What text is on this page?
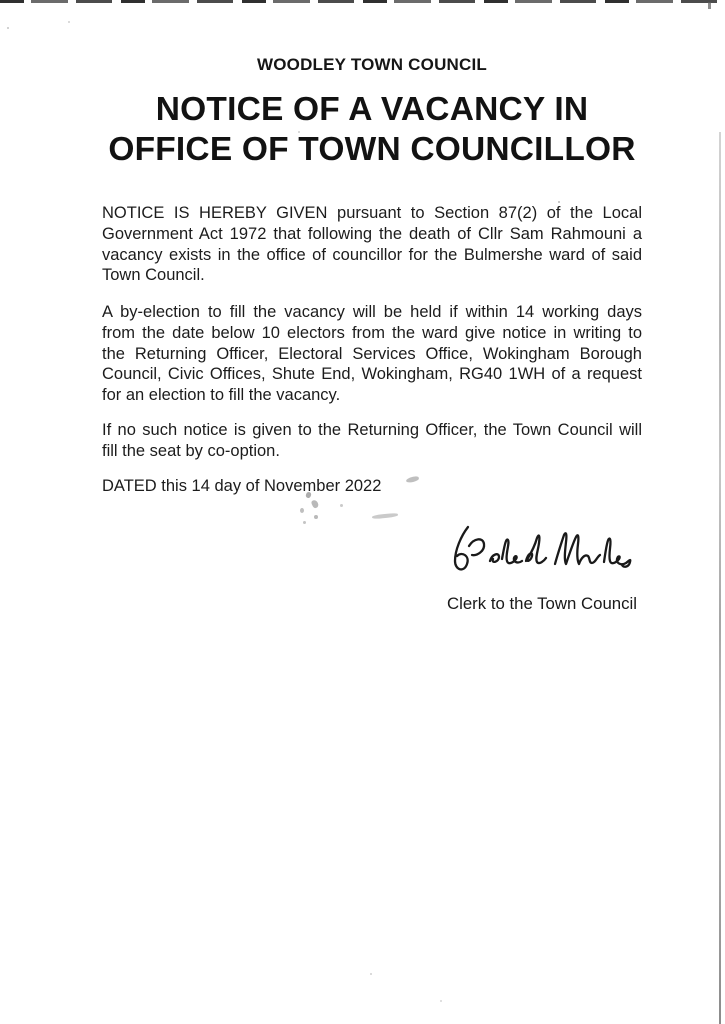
WOODLEY TOWN COUNCIL
NOTICE OF A VACANCY IN
OFFICE OF TOWN COUNCILLOR
NOTICE IS HEREBY GIVEN pursuant to Section 87(2) of the Local
Government Act 1972 that following the death of Cllr Sam Rahmouni a
vacancy exists in the office of councillor for the Bulmershe ward of said
Town Council.
A by-election to fill the vacancy will be held if within 14 working days
from the date below 10 electors from the ward give notice in writing to
the Returning Officer, Electoral Services Office, Wokingham Borough
Council, Civic Offices, Shute End, Wokingham, RG40 1WH of a request
for an election to fill the vacancy.
If no such notice is given to the Returning Officer, the Town Council will
fill the seat by co-option.
DATED this 14 day of November 2022
Clerk to the Town Council
